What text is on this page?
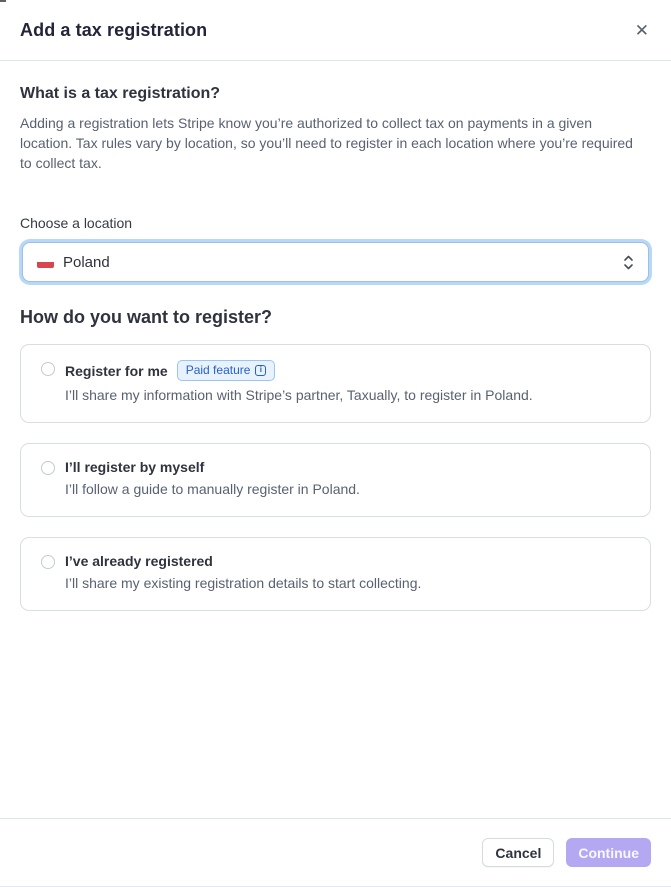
Add a tax registration	✕
What is a tax registration?

Adding a registration lets Stripe know you’re authorized to collect tax on payments in a given location. Tax rules vary by location, so you’ll need to register in each location where you’re required to collect tax.

Choose a location
Poland
How do you want to register?
Register for me Paid feature	i
I’ll share my information with Stripe’s partner, Taxually, to register in Poland.
I’ll register by myself
I’ll follow a guide to manually register in Poland.
I’ve already registered
I’ll share my existing registration details to start collecting.
Cancel	Continue
